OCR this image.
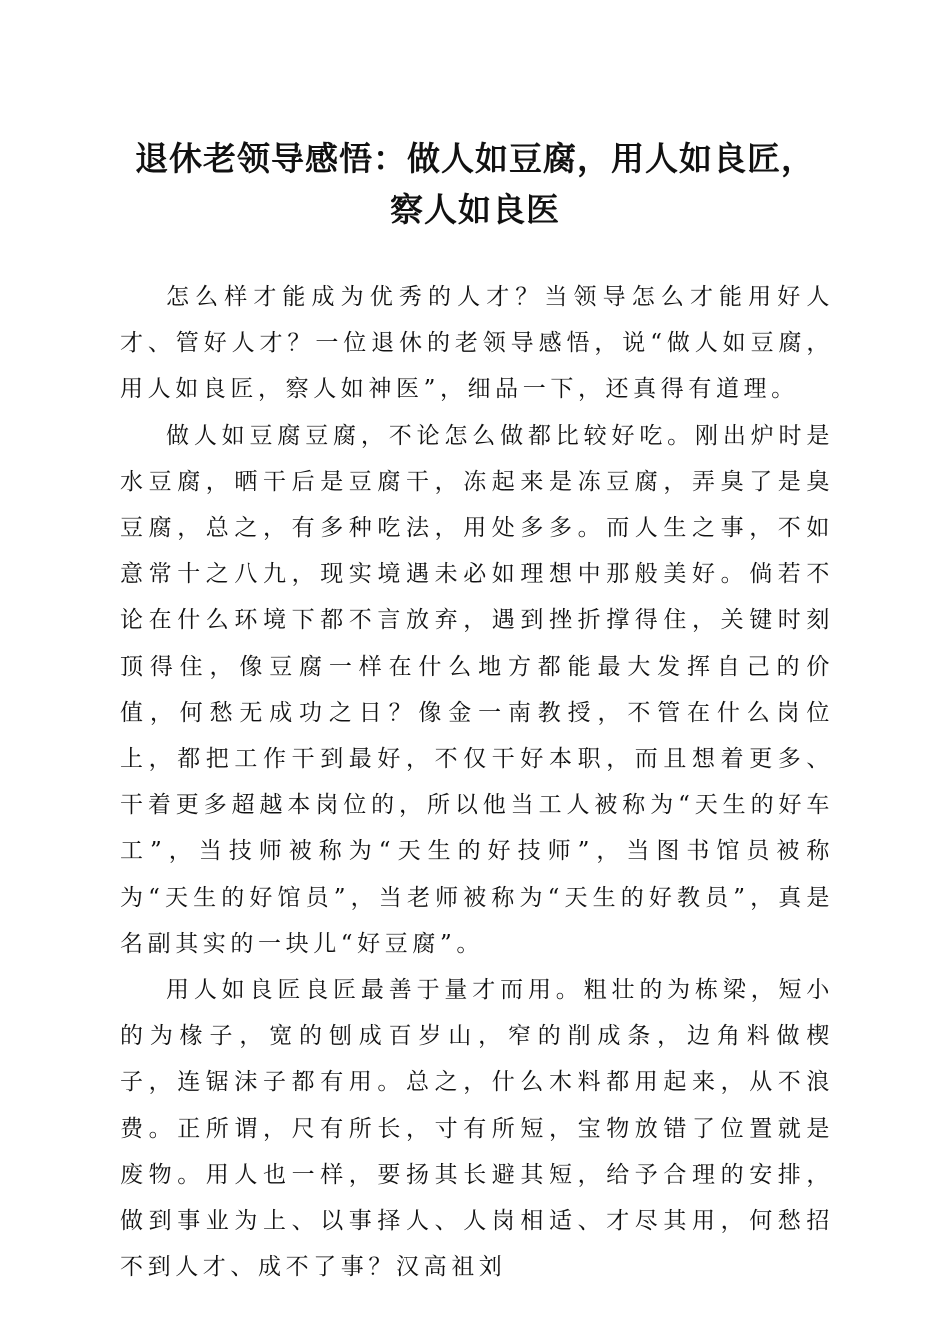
退休老领导感悟：做人如豆腐，用人如良匠，
察人如良医

怎么样才能成为优秀的人才？当领导怎么才能用好人才、管好人才？一位退休的老领导感悟，说“做人如豆腐，用人如良匠，察人如神医”，细品一下，还真得有道理。

做人如豆腐豆腐，不论怎么做都比较好吃。刚出炉时是水豆腐，晒干后是豆腐干，冻起来是冻豆腐，弄臭了是臭豆腐，总之，有多种吃法，用处多多。而人生之事，不如意常十之八九，现实境遇未必如理想中那般美好。倘若不论在什么环境下都不言放弃，遇到挫折撑得住，关键时刻顶得住，像豆腐一样在什么地方都能最大发挥自己的价值，何愁无成功之日？像金一南教授，不管在什么岗位上，都把工作干到最好，不仅干好本职，而且想着更多、干着更多超越本岗位的，所以他当工人被称为“天生的好车工”，当技师被称为“天生的好技师”，当图书馆员被称为“天生的好馆员”，当老师被称为“天生的好教员”，真是名副其实的一块儿“好豆腐”。

用人如良匠良匠最善于量才而用。粗壮的为栋梁，短小的为椽子，宽的刨成百岁山，窄的削成条，边角料做楔子，连锯沫子都有用。总之，什么木料都用起来，从不浪费。正所谓，尺有所长，寸有所短，宝物放错了位置就是废物。用人也一样，要扬其长避其短，给予合理的安排，做到事业为上、以事择人、人岗相适、才尽其用，何愁招不到人才、成不了事？汉高祖刘
